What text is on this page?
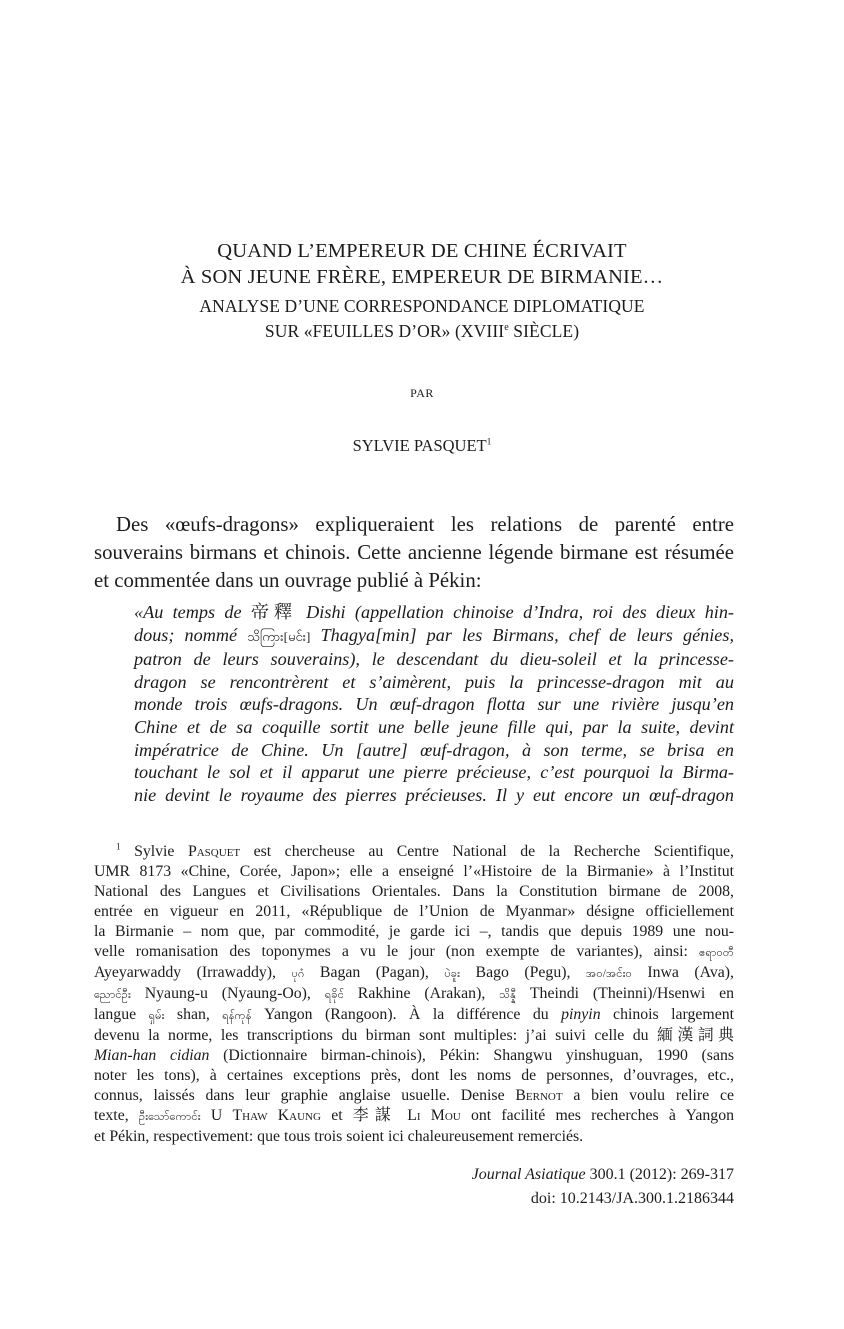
QUAND L’EMPEREUR DE CHINE ÉCRIVAIT
À SON JEUNE FRÈRE, EMPEREUR DE BIRMANIE…
ANALYSE D’UNE CORRESPONDANCE DIPLOMATIQUE
SUR «FEUILLES D’OR» (XVIIIe SIÈCLE)
PAR
SYLVIE PASQUET$^1$

Des «œufs-dragons» expliqueraient les relations de parenté entre souverains birmans et chinois. Cette ancienne légende birmane est résumée et commentée dans un ouvrage publié à Pékin:

«Au temps de 帝釋 Dishi (appellation chinoise d’Indra, roi des dieux hin-
dous; nommé သိကြား[မင်း] Thagya[min] par les Birmans, chef de leurs génies,
patron de leurs souverains), le descendant du dieu-soleil et la princesse-
dragon se rencontrèrent et s’aimèrent, puis la princesse-dragon mit au
monde trois œufs-dragons. Un œuf-dragon flotta sur une rivière jusqu’en
Chine et de sa coquille sortit une belle jeune fille qui, par la suite, devint
impératrice de Chine. Un [autre] œuf-dragon, à son terme, se brisa en
touchant le sol et il apparut une pierre précieuse, c’est pourquoi la Birma-
nie devint le royaume des pierres précieuses. Il y eut encore un œuf-dragon
$^1$ Sylvie Pasquet est chercheuse au Centre National de la Recherche Scientifique,
UMR 8173 «Chine, Corée, Japon»; elle a enseigné l’«Histoire de la Birmanie» à l’Institut
National des Langues et Civilisations Orientales. Dans la Constitution birmane de 2008,
entrée en vigueur en 2011, «République de l’Union de Myanmar» désigne officiellement
la Birmanie – nom que, par commodité, je garde ici –, tandis que depuis 1989 une nou-
velle romanisation des toponymes a vu le jour (non exempte de variantes), ainsi: ဧရာဝတီ
Ayeyarwaddy (Irrawaddy), ပုဂံ Bagan (Pagan), ပဲခူး Bago (Pegu), အဝ/အင်းဝ Inwa (Ava),
ညောင်ဦး Nyaung-u (Nyaung-Oo), ရခိုင် Rakhine (Arakan), သိန္နီ Theindi (Theinni)/Hsenwi en
langue ရှမ်း shan, ရန်ကုန် Yangon (Rangoon). À la différence du pinyin chinois largement
devenu la norme, les transcriptions du birman sont multiples: j’ai suivi celle du 緬漢詞典
Mian-han cidian (Dictionnaire birman-chinois), Pékin: Shangwu yinshuguan, 1990 (sans
noter les tons), à certaines exceptions près, dont les noms de personnes, d’ouvrages, etc.,
connus, laissés dans leur graphie anglaise usuelle. Denise Bernot a bien voulu relire ce
texte, ဦးသော်ကောင်း U Thaw Kaung et 李謀 Li Mou ont facilité mes recherches à Yangon
et Pékin, respectivement: que tous trois soient ici chaleureusement remerciés.
Journal Asiatique 300.1 (2012): 269-317
doi: 10.2143/JA.300.1.2186344
